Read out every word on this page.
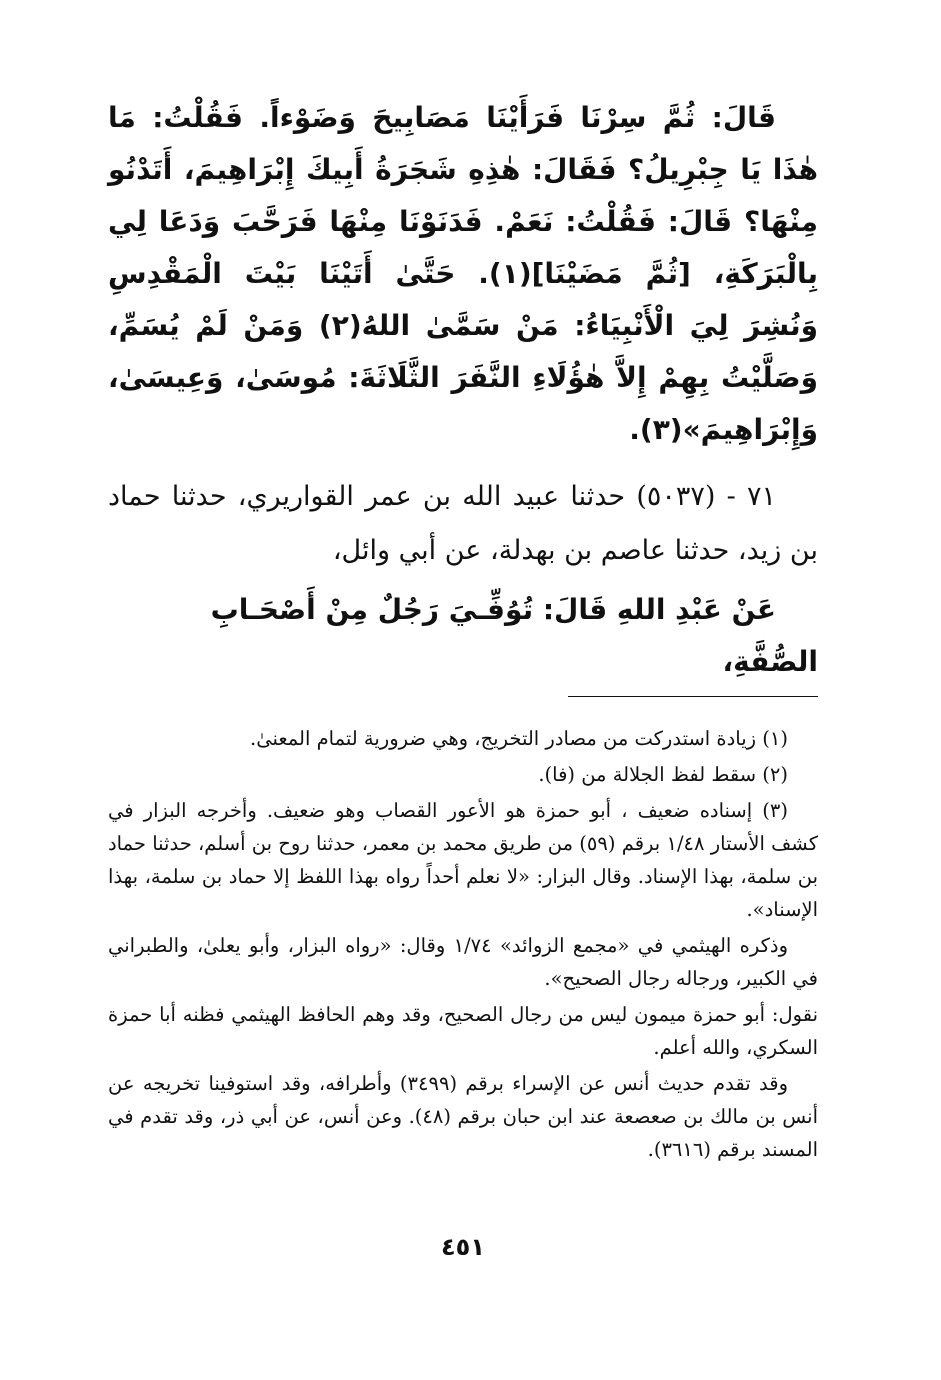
قَالَ: ثُمَّ سِرْنَا فَرَأَيْنَا مَصَابِيحَ وَضَوْءاً. فَقُلْتُ: مَا هٰذَا يَا جِبْرِيلُ؟ فَقَالَ: هٰذِهِ شَجَرَةُ أَبِيكَ إِبْرَاهِيمَ، أَتَدْنُو مِنْهَا؟ قَالَ: فَقُلْتُ: نَعَمْ. فَدَنَوْنَا مِنْهَا فَرَحَّبَ وَدَعَا لِي بِالْبَرَكَةِ، [ثُمَّ مَضَيْنَا](١). حَتَّىٰ أَتَيْنَا بَيْتَ الْمَقْدِسِ وَنُشِرَ لِيَ الْأَنْبِيَاءُ: مَنْ سَمَّىٰ اللهُ(٢) وَمَنْ لَمْ يُسَمِّ، وَصَلَّيْتُ بِهِمْ إِلاَّ هٰؤُلَاءِ النَّفَرَ الثَّلَاثَةَ: مُوسَىٰ، وَعِيسَىٰ، وَإِبْرَاهِيمَ»(٣).

٧١ - (٥٠٣٧) حدثنا عبيد الله بن عمر القواريري، حدثنا حماد بن زيد، حدثنا عاصم بن بهدلة، عن أبي وائل،

عَنْ عَبْدِ اللهِ قَالَ: تُوُفِّـيَ رَجُلٌ مِنْ أَصْحَـابِ الصُّفَّةِ،

(١) زيادة استدركت من مصادر التخريج، وهي ضرورية لتمام المعنىٰ.

(٢) سقط لفظ الجلالة من (فا).

(٣) إسناده ضعيف ، أبو حمزة هو الأعور القصاب وهو ضعيف. وأخرجه البزار في كشف الأستار ١/٤٨ برقم (٥٩) من طريق محمد بن معمر، حدثنا روح بن أسلم، حدثنا حماد بن سلمة، بهذا الإسناد. وقال البزار: «لا نعلم أحداً رواه بهذا اللفظ إلا حماد بن سلمة، بهذا الإسناد».

وذكره الهيثمي في «مجمع الزوائد» ١/٧٤ وقال: «رواه البزار، وأبو يعلىٰ، والطبراني في الكبير، ورجاله رجال الصحيح».

نقول: أبو حمزة ميمون ليس من رجال الصحيح، وقد وهم الحافظ الهيثمي فظنه أبا حمزة السكري، والله أعلم.

وقد تقدم حديث أنس عن الإسراء برقم (٣٤٩٩) وأطرافه، وقد استوفينا تخريجه عن أنس بن مالك بن صعصعة عند ابن حبان برقم (٤٨). وعن أنس، عن أبي ذر، وقد تقدم في المسند برقم (٣٦١٦).

٤٥١
